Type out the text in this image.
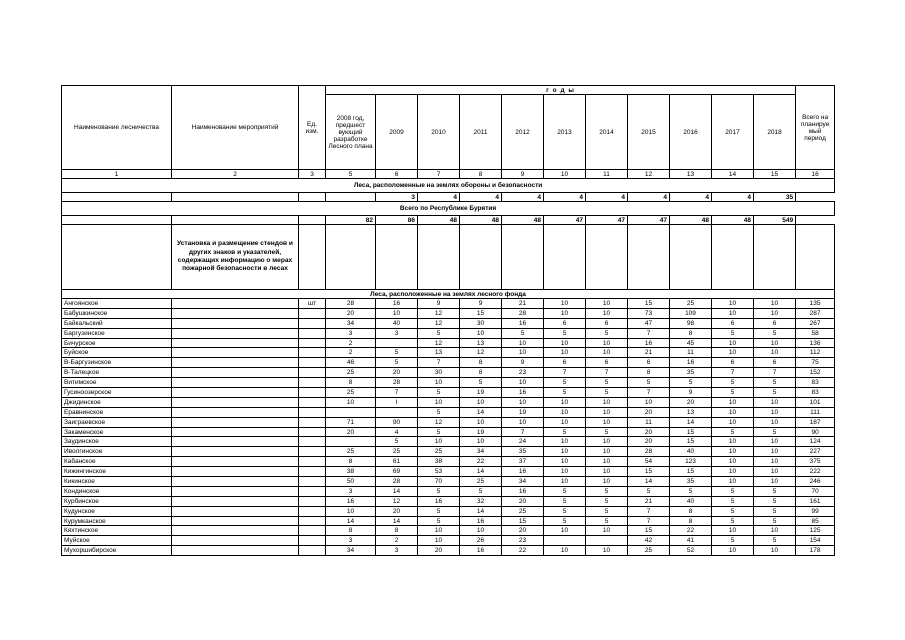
Наименование лесничества	Наименование мероприятий	Ед. изм.	г о д ы											Всего на планируе мый период
			2008 год, предшест вующий разработке Лесного плана	2009	2010	2011	2012	2013	2014	2015	2016	2017	2018	
1	2	3	5	6	7	8	9	10	11	12	13	14	15	16
Леса, расположенные на землях обороны и безопасности														
				3	4	4	4	4	4	4	4	4	35
Всего по Республике Бурятия														
			82	86	48	48	48	47	47	47	48	48	549	
	Установка и размещение стендов и других знаков и указателей, содержащих информацию о мерах пожарной безопасности в лесах													
Леса, расположенные на землях лесного фонда														
Ангоянское		шт	28	16	9	9	21	10	10	15	25	10	10	135
Бабушкинское			20	10	12	15	28	10	10	73	109	10	10	287
Байкальский			34	40	12	30	16	6	6	47	98	6	6	267
Баргузинское			3	3	5	10	5	5	5	7	8	5	5	58
Бичурское			2		12	13	10	10	10	16	45	10	10	136
Буйское			2	5	13	12	10	10	10	21	11	10	10	112
В-Баргузинское			46	5	7	8	9	6	6	6	16	6	6	75
В-Талецкое			25	20	30	8	23	7	7	8	35	7	7	152
Витимское			8	28	10	5	10	5	5	5	5	5	5	83
Гусиноозерское			25	7	5	19	16	5	5	7	9	5	5	83
Джидинское			10	I	10	10	10	10	10	10	20	10	10	101
Еравнинское					5	14	19	10	10	20	13	10	10	111
Заиграевское			71	90	12	10	10	10	10	11	14	10	10	187
Закаменское			20	4	5	19	7	5	5	20	15	5	5	90
Заудинское				5	10	10	24	10	10	20	15	10	10	124
Иволгинское			25	25	25	34	35	10	10	28	40	10	10	227
Кабанское			8	61	38	22	37	10	10	54	123	10	10	375
Кижингинское			38	69	53	14	16	10	10	15	15	10	10	222
Кикинское			50	28	70	25	34	10	10	14	35	10	10	246
Кондинское			3	14	5	5	16	5	5	5	5	5	5	70
Курбинское			16	12	16	32	20	5	5	21	40	5	5	161
Кудунское			10	20	5	14	25	5	5	7	8	5	5	99
Курумканское			14	14	5	16	15	5	5	7	8	5	5	85
Кяхтинское			8	8	10	10	20	10	10	15	22	10	10	125
Муйское			3	2	10	26	23			42	41	5	5	154
Мухоршибирское			34	3	20	16	22	10	10	25	52	10	10	178
